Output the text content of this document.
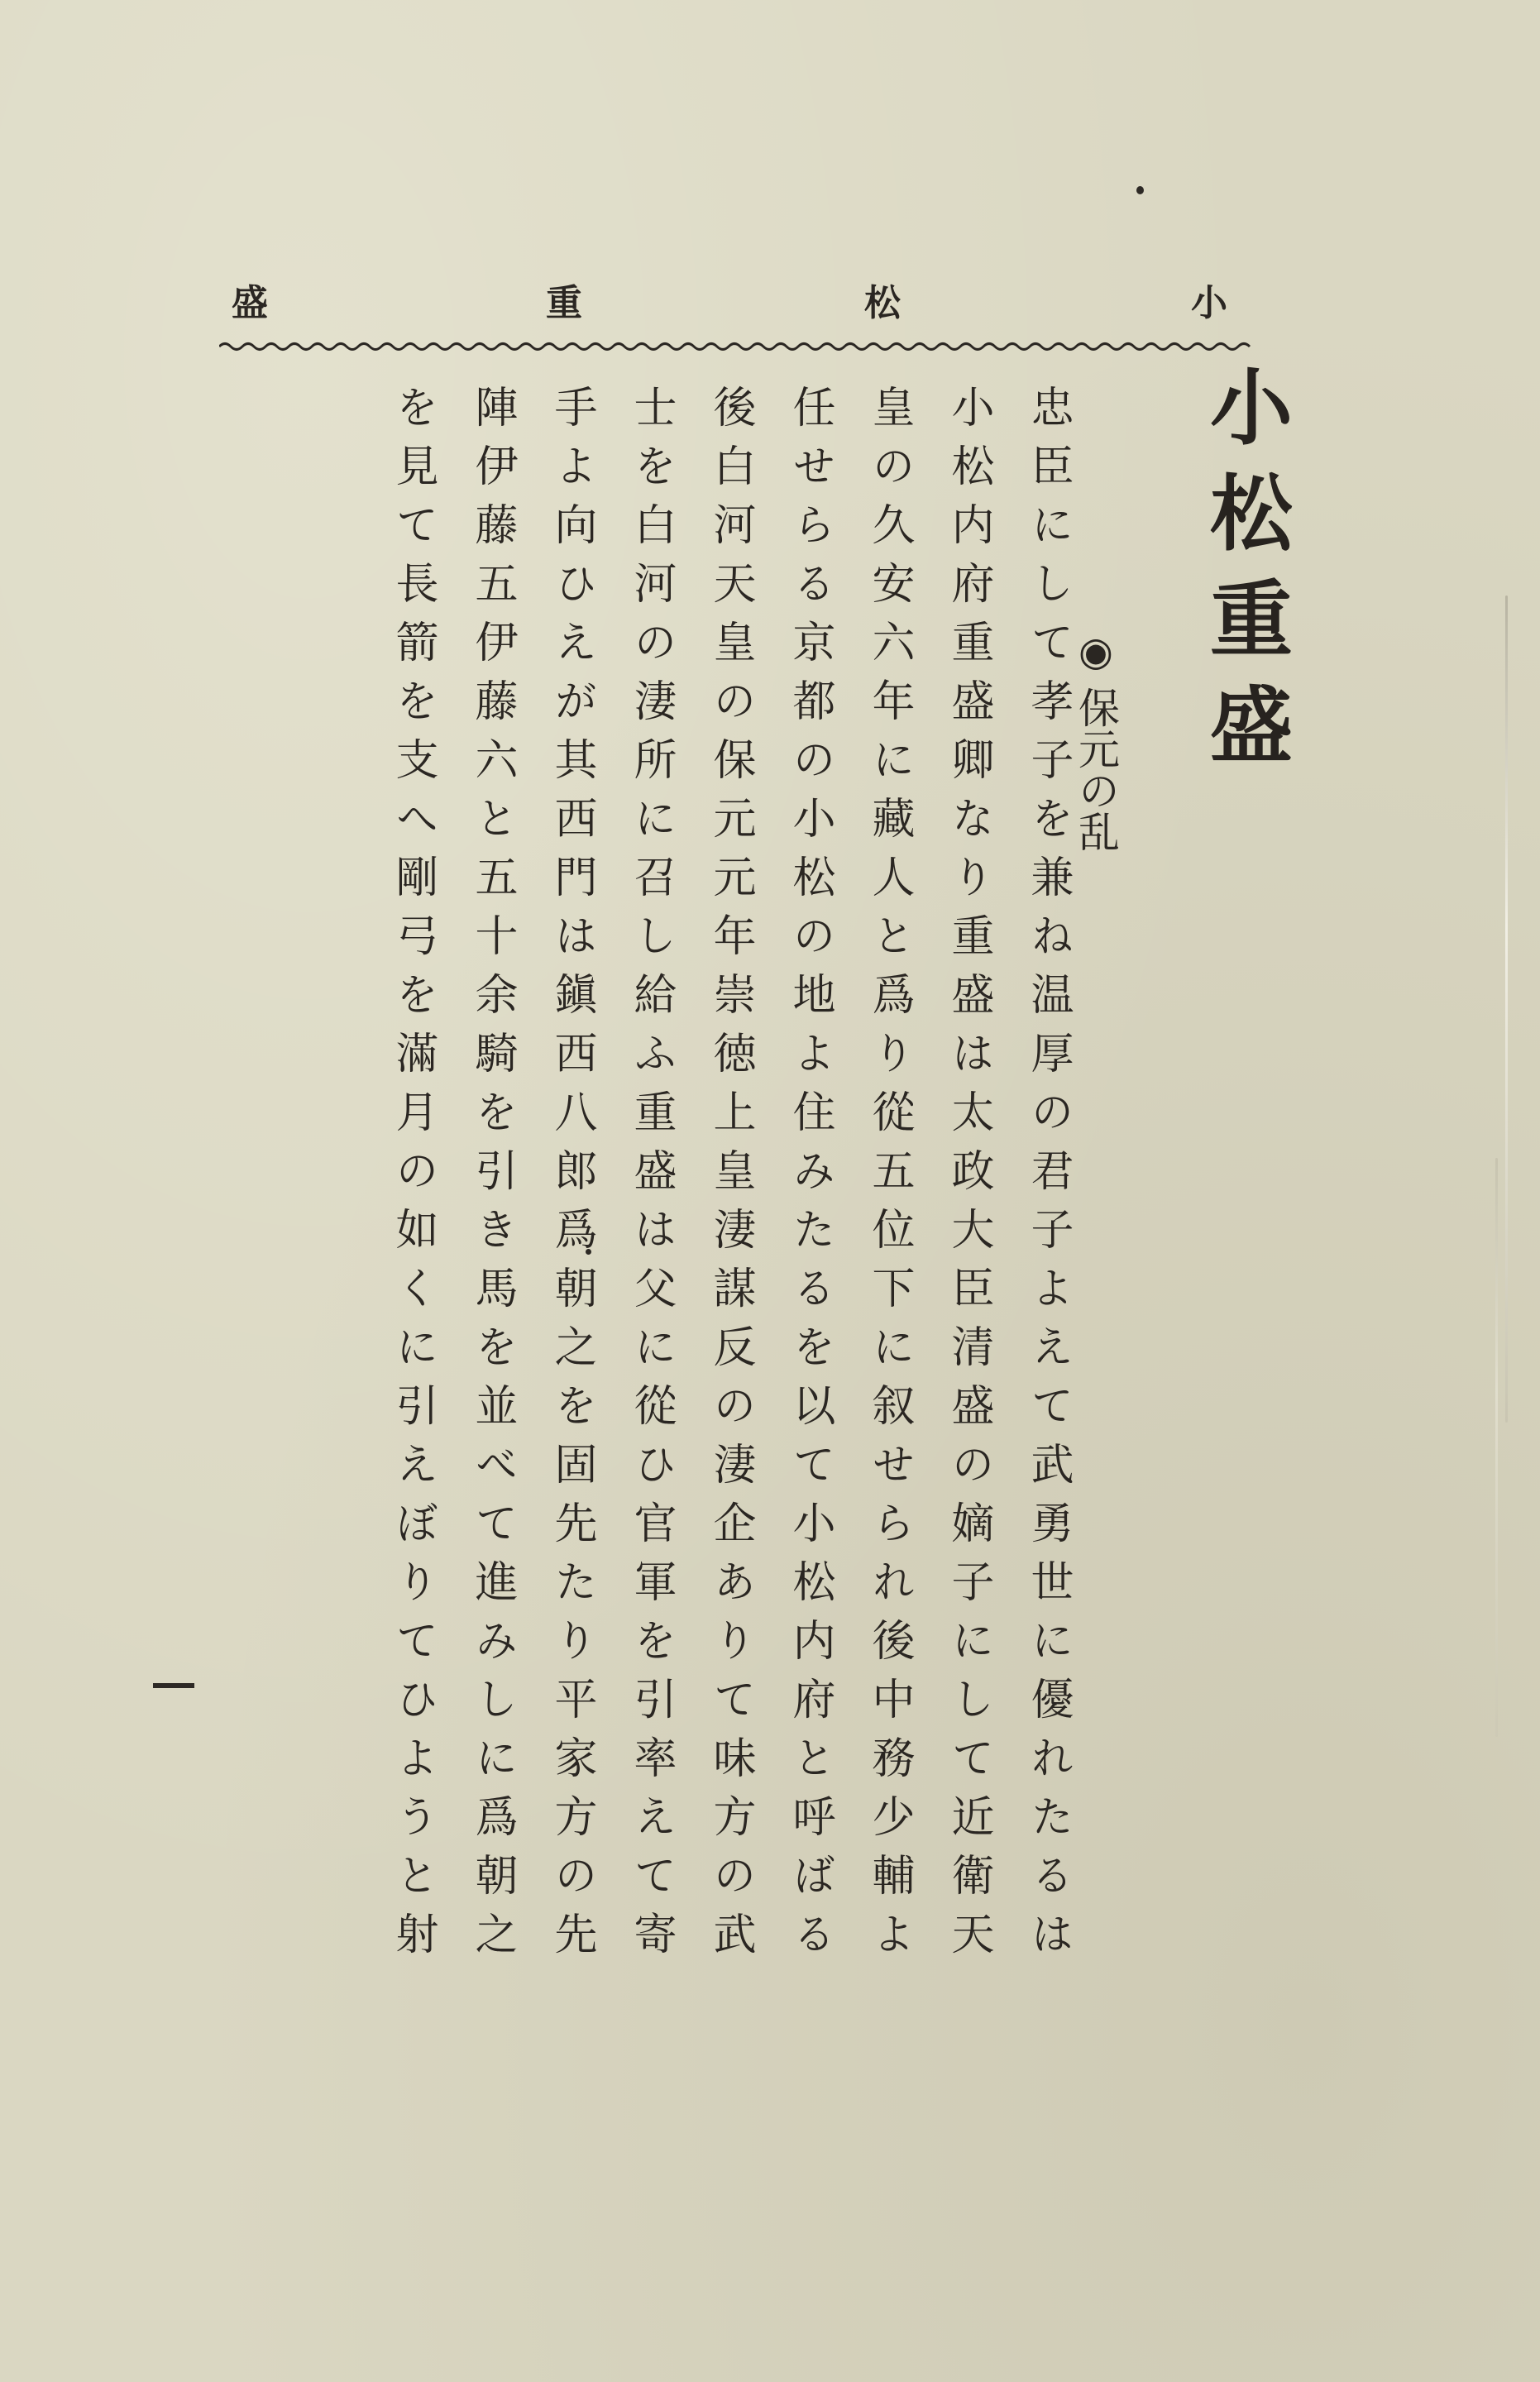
小
松
重
盛
小松重盛
◉
保元の乱
忠臣にして孝子を兼ね温厚の君子よえて武勇世に優れたるは
小松内府重盛卿なり重盛は太政大臣清盛の嫡子にして近衛天
皇の久安六年に藏人と爲り從五位下に叙せられ後中務少輔よ
任せらる京都の小松の地よ住みたるを以て小松内府と呼ばる
後白河天皇の保元元年崇徳上皇淒謀反の淒企ありて味方の武
士を白河の淒所に召し給ふ重盛は父に從ひ官軍を引率えて寄
手よ向ひえが其西門は鎭西八郎爲朝之を固先たり平家方の先
陣伊藤五伊藤六と五十余騎を引き馬を並べて進みしに爲朝之
を見て長箭を支へ剛弓を滿月の如くに引えぼりてひようと射
